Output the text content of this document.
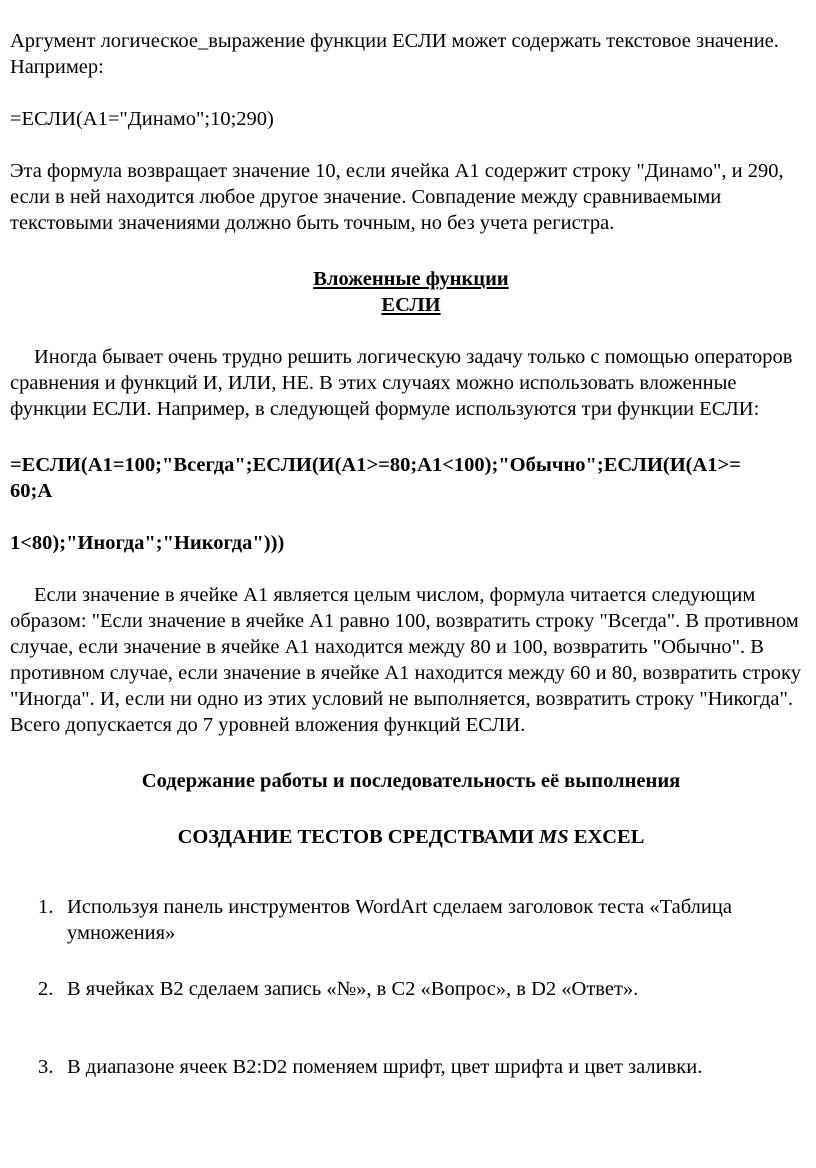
Аргумент логическое_выражение функции ЕСЛИ может содержать текстовое значение. Например:

=ЕСЛИ(A1="Динамо";10;290)

Эта формула возвращает значение 10, если ячейка A1 содержит строку "Динамо", и 290, если в ней находится любое другое значение. Совпадение между сравниваемыми текстовыми значениями должно быть точным, но без учета регистра.

Вложенные функции

ЕСЛИ

Иногда бывает очень трудно решить логическую задачу только с помощью операторов сравнения и функций И, ИЛИ, НЕ. В этих случаях можно использовать вложенные функции ЕСЛИ. Например, в следующей формуле используются три функции ЕСЛИ:

=ЕСЛИ(A1=100;"Всегда";ЕСЛИ(И(A1>=80;A1<100);"Обычно";ЕСЛИ(И(A1>=

60;A

1<80);"Иногда";"Никогда")))

Если значение в ячейке A1 является целым числом, формула читается следующим образом: "Если значение в ячейке A1 равно 100, возвратить строку "Всегда". В противном случае, если значение в ячейке A1 находится между 80 и 100, возвратить "Обычно". В противном случае, если значение в ячейке A1 находится между 60 и 80, возвратить строку "Иногда". И, если ни одно из этих условий не выполняется, возвратить строку "Никогда". Всего допускается до 7 уровней вложения функций ЕСЛИ.

Содержание работы и последовательность её выполнения

СОЗДАНИЕ ТЕСТОВ СРЕДСТВАМИ MS EXCEL

1. Используя панель инструментов WordArt сделаем заголовок теста «Таблица умножения»
2. В ячейках B2 сделаем запись «№», в C2 «Вопрос», в D2 «Ответ».
3. В диапазоне ячеек B2:D2 поменяем шрифт, цвет шрифта и цвет заливки.
